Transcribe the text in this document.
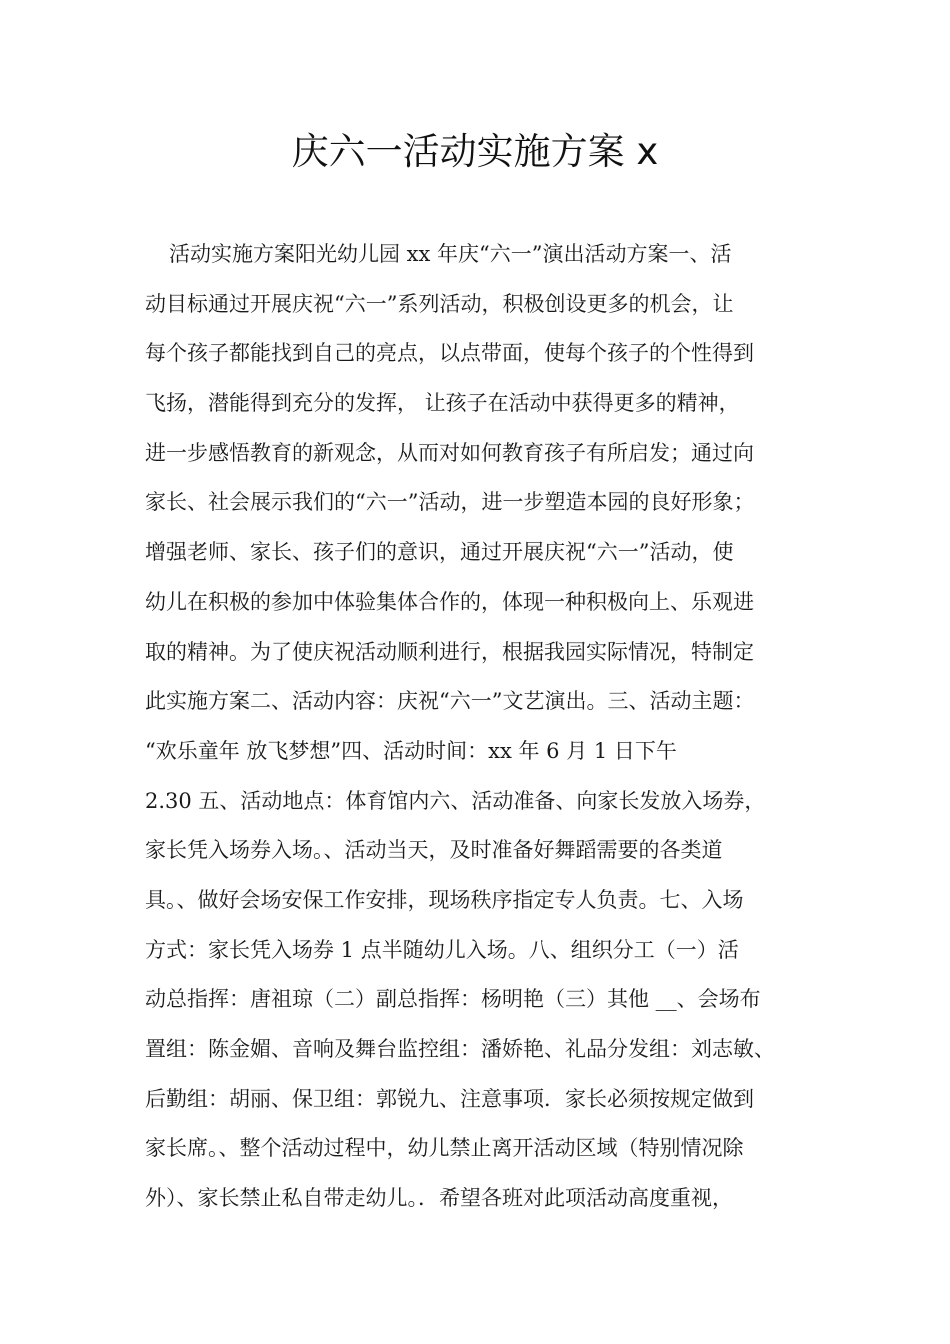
庆六一活动实施方案 x
活动实施方案阳光幼儿园 xx 年庆“六一”演出活动方案一、活
动目标通过开展庆祝“六一”系列活动，积极创设更多的机会，让
每个孩子都能找到自己的亮点，以点带面，使每个孩子的个性得到
飞扬，潜能得到充分的发挥， 让孩子在活动中获得更多的精神，
进一步感悟教育的新观念，从而对如何教育孩子有所启发；通过向
家长、社会展示我们的“六一”活动，进一步塑造本园的良好形象；
增强老师、家长、孩子们的意识，通过开展庆祝“六一”活动，使
幼儿在积极的参加中体验集体合作的，体现一种积极向上、乐观进
取的精神。为了使庆祝活动顺利进行，根据我园实际情况，特制定
此实施方案二、活动内容：庆祝“六一”文艺演出。三、活动主题：
“欢乐童年 放飞梦想”四、活动时间：xx 年 6 月 1 日下午
2.30 五、活动地点：体育馆内六、活动准备、向家长发放入场券，
家长凭入场券入场。、活动当天，及时准备好舞蹈需要的各类道
具。、做好会场安保工作安排，现场秩序指定专人负责。七、入场
方式：家长凭入场券 1 点半随幼儿入场。八、组织分工（一）活
动总指挥：唐祖琼（二）副总指挥：杨明艳（三）其他 __、会场布
置组：陈金媚、音响及舞台监控组：潘娇艳、礼品分发组：刘志敏、
后勤组：胡丽、保卫组：郭锐九、注意事项．家长必须按规定做到
家长席。、整个活动过程中，幼儿禁止离开活动区域（特别情况除
外）、家长禁止私自带走幼儿。．希望各班对此项活动高度重视，
